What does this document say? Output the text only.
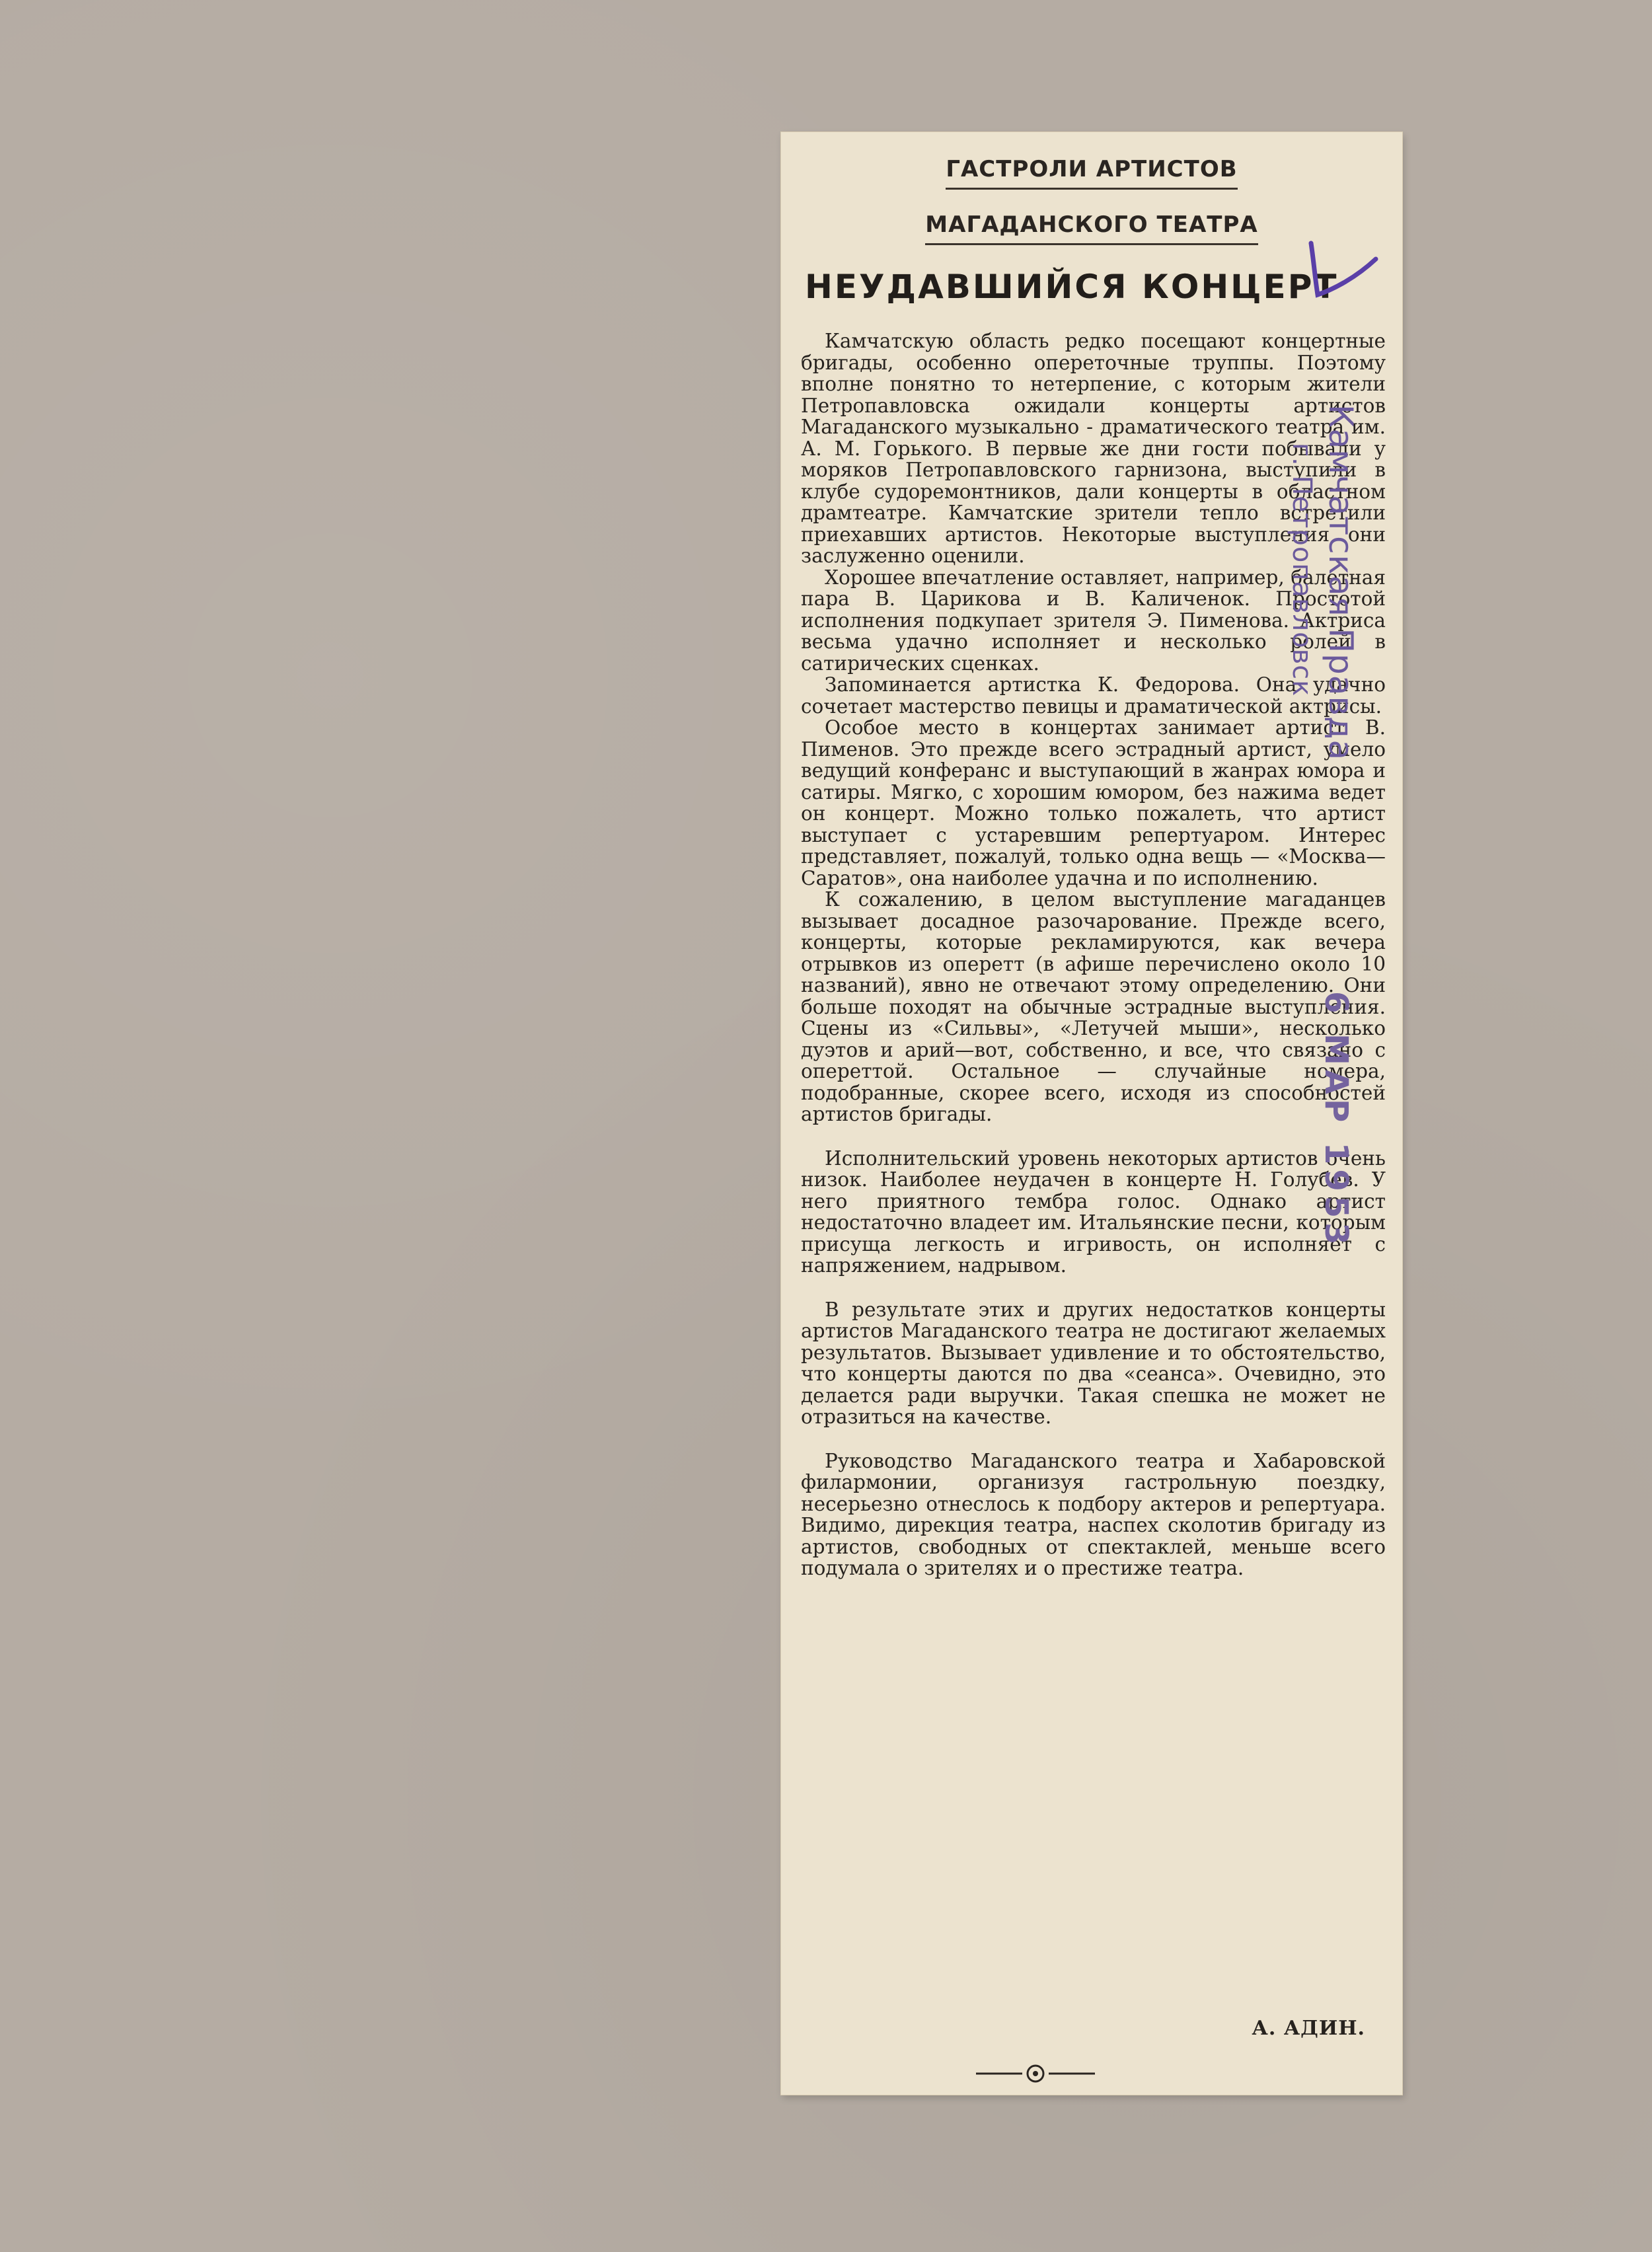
ГАСТРОЛИ АРТИСТОВ
МАГАДАНСКОГО ТЕАТРА
НЕУДАВШИЙСЯ КОНЦЕРТ

Камчатскую область редко посещают концертные бригады, особенно опереточные труппы. Поэтому вполне понятно то нетерпение, с которым жители Петропавловска ожидали концерты артистов Магаданского музыкально - драматического театра им. А. М. Горького. В первые же дни гости побывали у моряков Петропавловского гарнизона, выступили в клубе судоремонтников, дали концерты в областном драмтеатре. Камчатские зрители тепло встретили приехавших артистов. Некоторые выступления они заслуженно оценили.

Хорошее впечатление оставляет, например, балетная пара В. Царикова и В. Каличенок. Простотой исполнения подкупает зрителя Э. Пименова. Актриса весьма удачно исполняет и несколько ролей в сатирических сценках.

Запоминается артистка К. Федорова. Она удачно сочетает мастерство певицы и драматической актрисы.

Особое место в концертах занимает артист В. Пименов. Это прежде всего эстрадный артист, умело ведущий конферанс и выступающий в жанрах юмора и сатиры. Мягко, с хорошим юмором, без нажима ведет он концерт. Можно только пожалеть, что артист выступает с устаревшим репертуаром. Интерес представляет, пожалуй, только одна вещь — «Москва—Саратов», она наиболее удачна и по исполнению.

К сожалению, в целом выступление магаданцев вызывает досадное разочарование. Прежде всего, концерты, которые рекламируются, как вечера отрывков из оперетт (в афише перечислено около 10 названий), явно не отвечают этому определению. Они больше походят на обычные эстрадные выступления. Сцены из «Сильвы», «Летучей мыши», несколько дуэтов и арий—вот, собственно, и все, что связано с опереттой. Остальное — случайные номера, подобранные, скорее всего, исходя из способностей артистов бригады.

Исполнительский уровень некоторых артистов очень низок. Наиболее неудачен в концерте Н. Голубев. У него приятного тембра голос. Однако артист недостаточно владеет им. Итальянские песни, которым присуща легкость и игривость, он исполняет с напряжением, надрывом.

В результате этих и других недостатков концерты артистов Магаданского театра не достигают желаемых результатов. Вызывает удивление и то обстоятельство, что концерты даются по два «сеанса». Очевидно, это делается ради выручки. Такая спешка не может не отразиться на качестве.

Руководство Магаданского театра и Хабаровской филармонии, организуя гастрольную поездку, несерьезно отнеслось к подбору актеров и репертуара. Видимо, дирекция театра, наспех сколотив бригаду из артистов, свободных от спектаклей, меньше всего подумала о зрителях и о престиже театра.

А. АДИН.
Камчатская Правда
г. Петропавловск
6 МАР 1953
